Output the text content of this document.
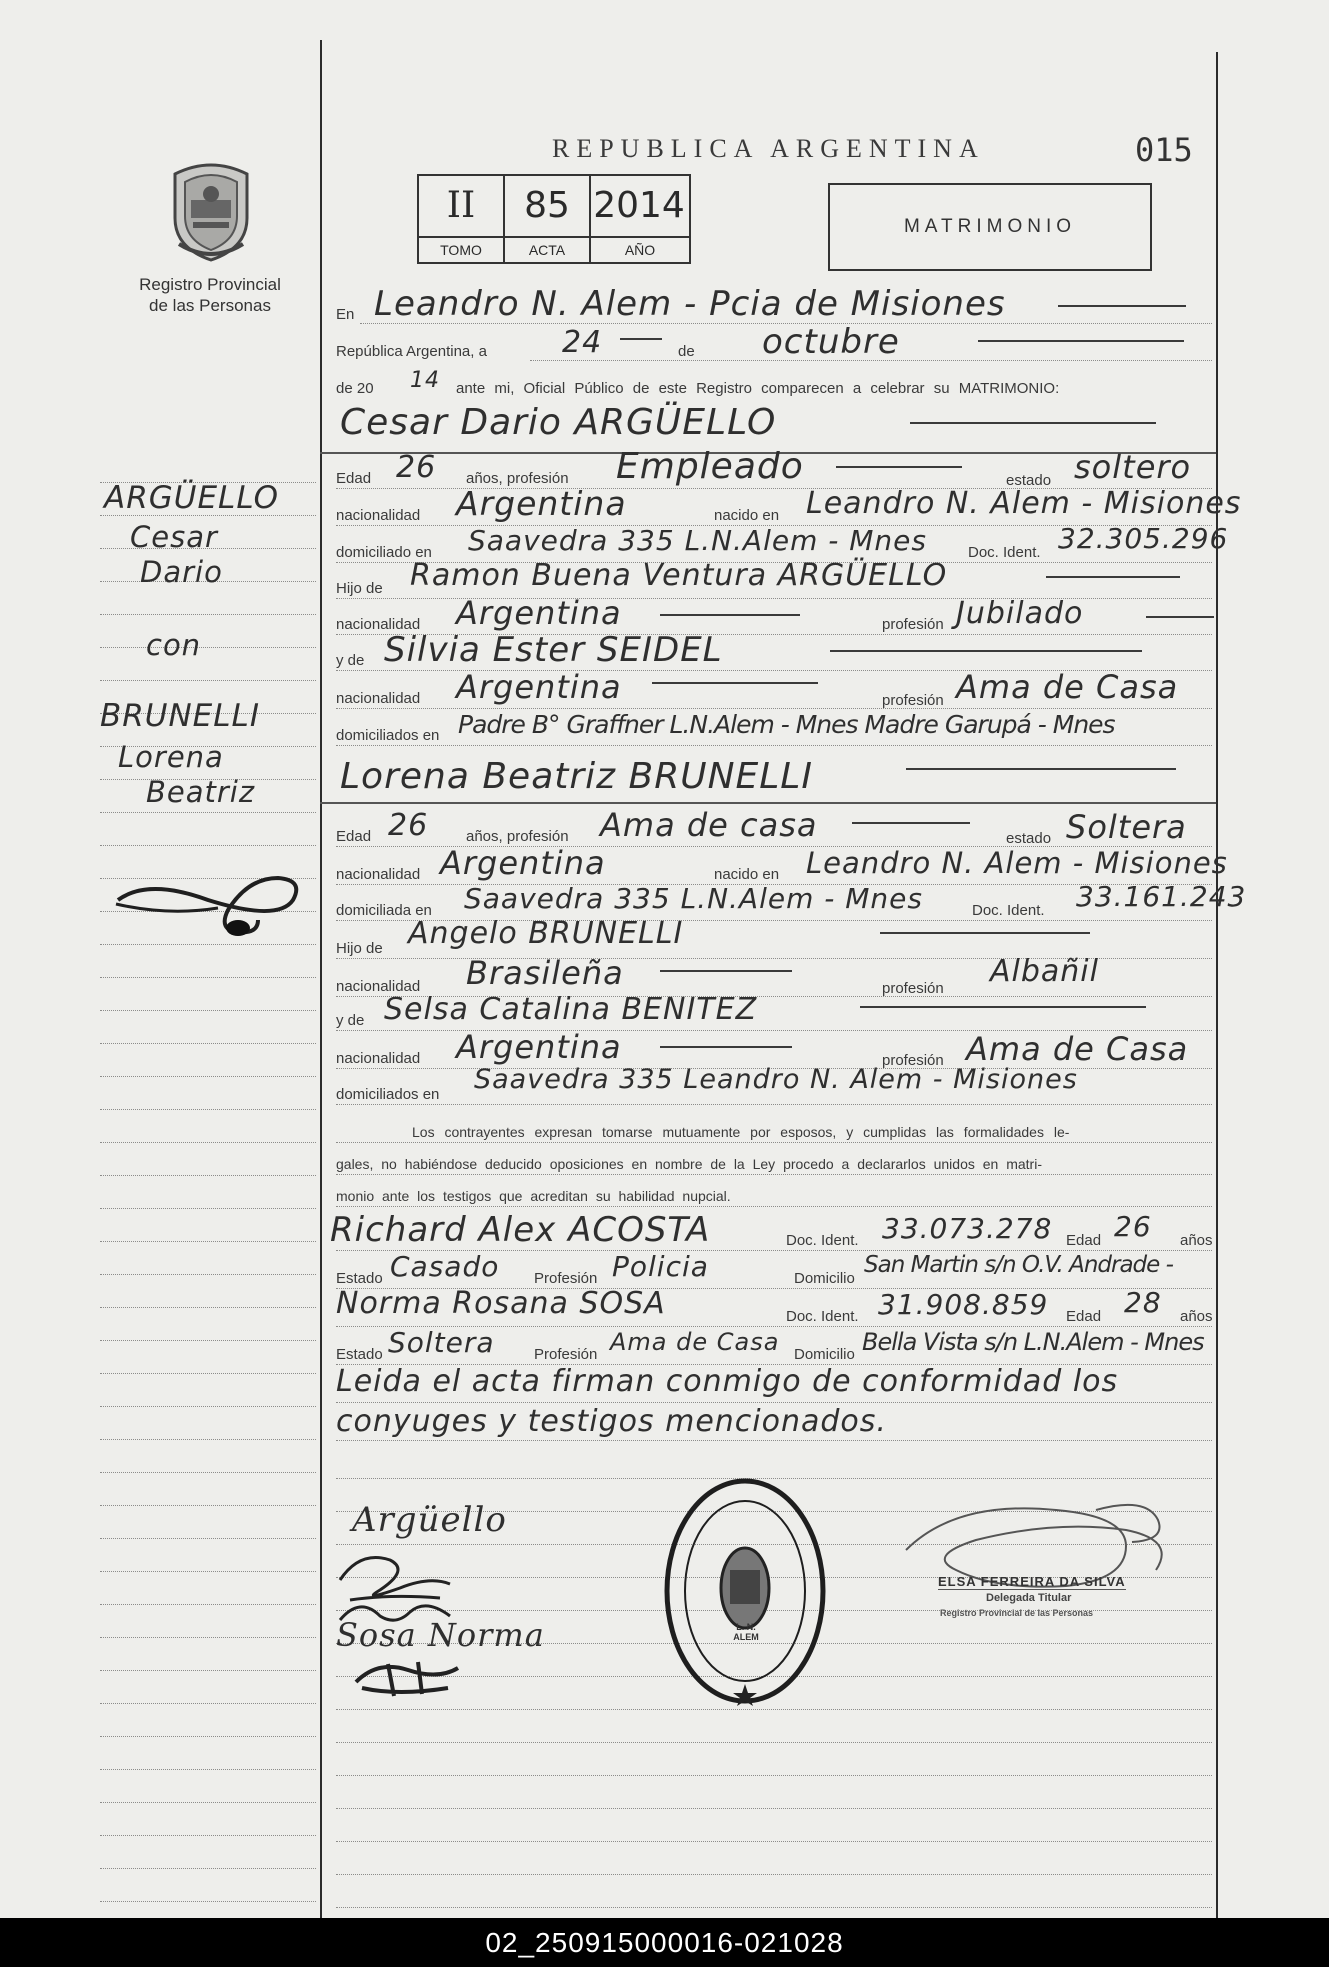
REPUBLICA ARGENTINA	015
II	85 2014
TOMO	ACTA	AÑO
MATRIMONIO
Registro Provincial
de las Personas
ARGÜELLO
Cesar
Dario
con
BRUNELLI
Lorena
Beatriz
En Leandro N. Alem - Pcia de Misiones
República Argentina, a	24	de octubre
de 20 14 ante mi, Oficial Público de este Registro comparecen a celebrar su MATRIMONIO:
Cesar Dario ARGÜELLO
Edad 26 años, profesión Empleado	estado soltero
nacionalidad Argentina	nacido en Leandro N. Alem - Misiones
domiciliado en Saavedra 335 L.N.Alem - Mnes	Doc. Ident. 32.305.296
Hijo de Ramon Buena Ventura ARGÜELLO
nacionalidad Argentina	profesión Jubilado
y de Silvia Ester SEIDEL
nacionalidad Argentina	profesión Ama de Casa
domiciliados en Padre B° Graffner L.N.Alem - Mnes Madre Garupá - Mnes
Lorena Beatriz BRUNELLI
Edad 26	años, profesión Ama de casa	estado Soltera
nacionalidad Argentina	nacido en Leandro N. Alem - Misiones
domiciliada en Saavedra 335 L.N.Alem - Mnes	Doc. Ident. 33.161.243
Hijo de Angelo BRUNELLI
nacionalidad Brasileña	profesión Albañil
y de Selsa Catalina BENITEZ
nacionalidad Argentina	profesión Ama de Casa
domiciliados en Saavedra 335 Leandro N. Alem - Misiones
Los contrayentes expresan tomarse mutuamente por esposos, y cumplidas las formalidades le-
gales, no habiéndose deducido oposiciones en nombre de la Ley procedo a declararlos unidos en matri-
monio ante los testigos que acreditan su habilidad nupcial.
Richard Alex ACOSTA	Doc. Ident. 33.073.278 Edad 26 años
Estado Casado Profesión Policia	Domicilio
San Martin s/n O.V. Andrade -
Norma Rosana SOSA	Doc. Ident. 31.908.859 Edad 28 años
Estado Soltera	Profesión Ama de Casa Domicilio Bella Vista s/n L.N.Alem - Mnes
Leida el acta firman conmigo de conformidad los
conyuges y testigos mencionados.
Argüello
Sosa Norma	L. N. ALEM
ELSA FERREIRA DA SILVA
Delegada Titular
Registro Provincial de las Personas
02_250915000016-021028
